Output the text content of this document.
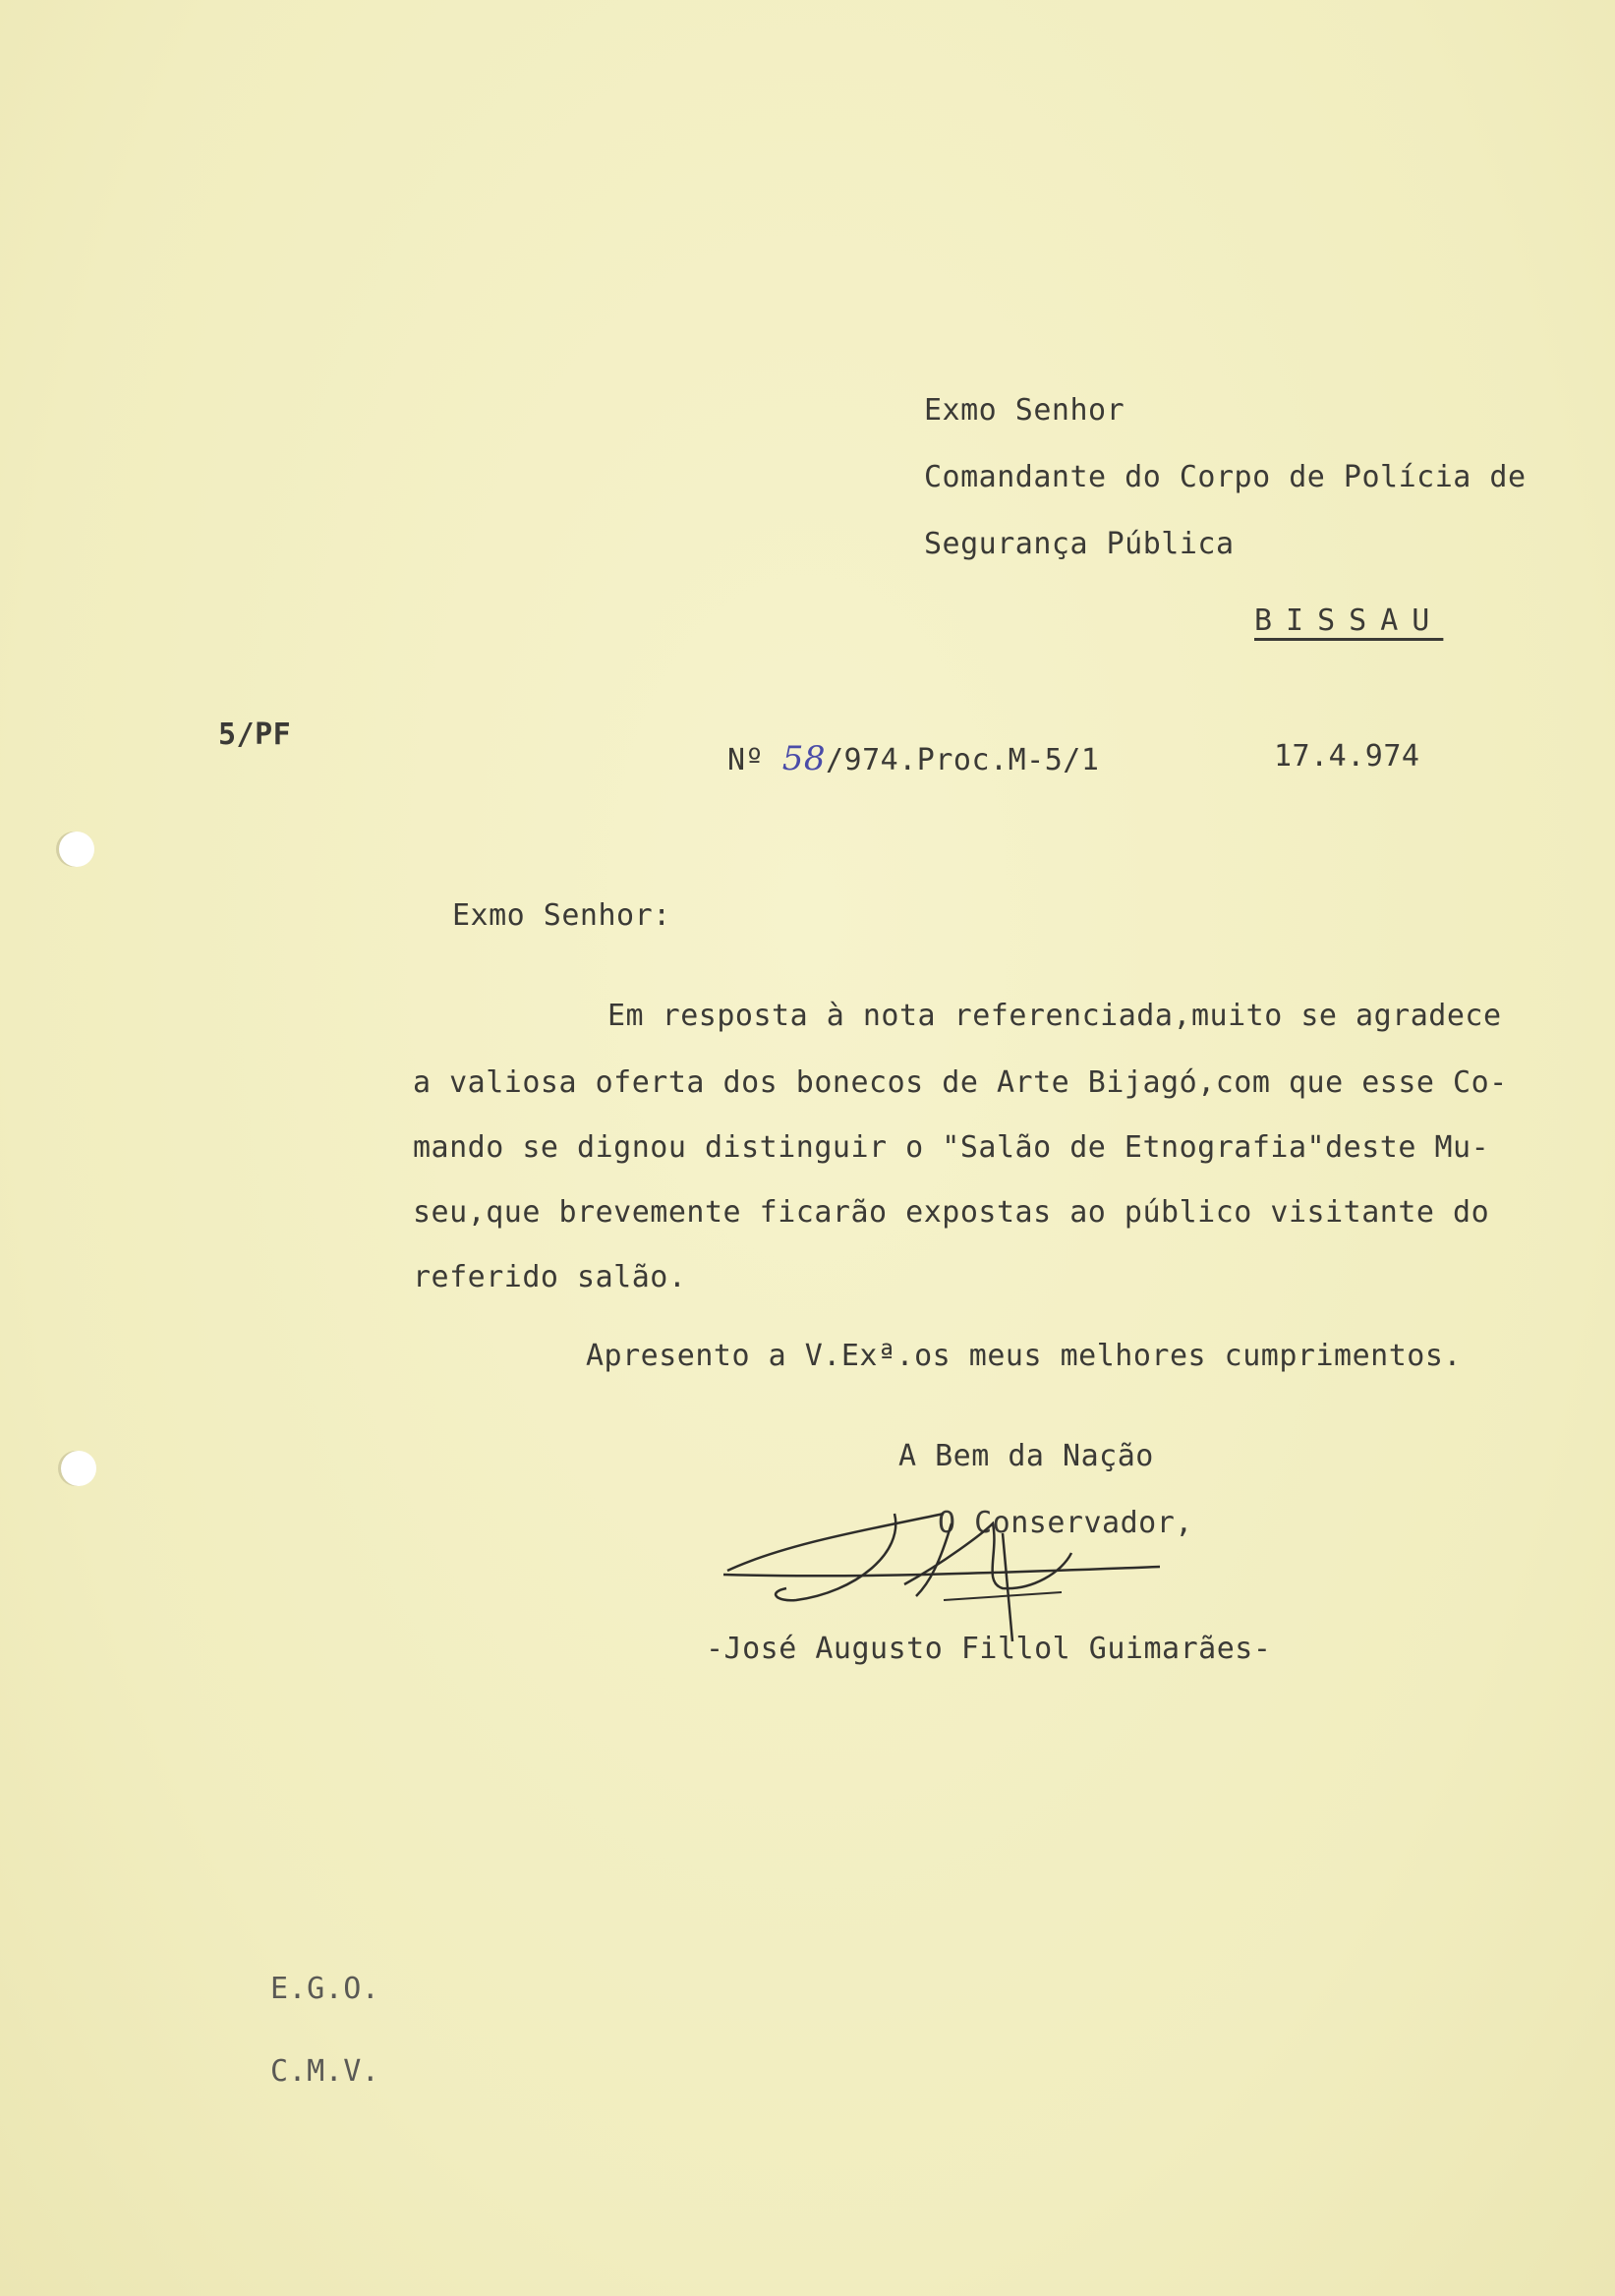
Exmo Senhor
Comandante do Corpo de Polícia de
Segurança Pública
BISSAU
5/PF
Nº 58/974.Proc.M-5/1	17.4.974
Exmo Senhor:
Em resposta à nota referenciada,muito se agradece
a valiosa oferta dos bonecos de Arte Bijagó,com que esse Co-
mando se dignou distinguir o "Salão de Etnografia"deste Mu-
seu,que brevemente ficarão expostas ao público visitante do
referido salão.
Apresento a V.Exª.os meus melhores cumprimentos.
A Bem da Nação
O Conservador,
-José Augusto Fillol Guimarães-
E.G.O.
C.M.V.
